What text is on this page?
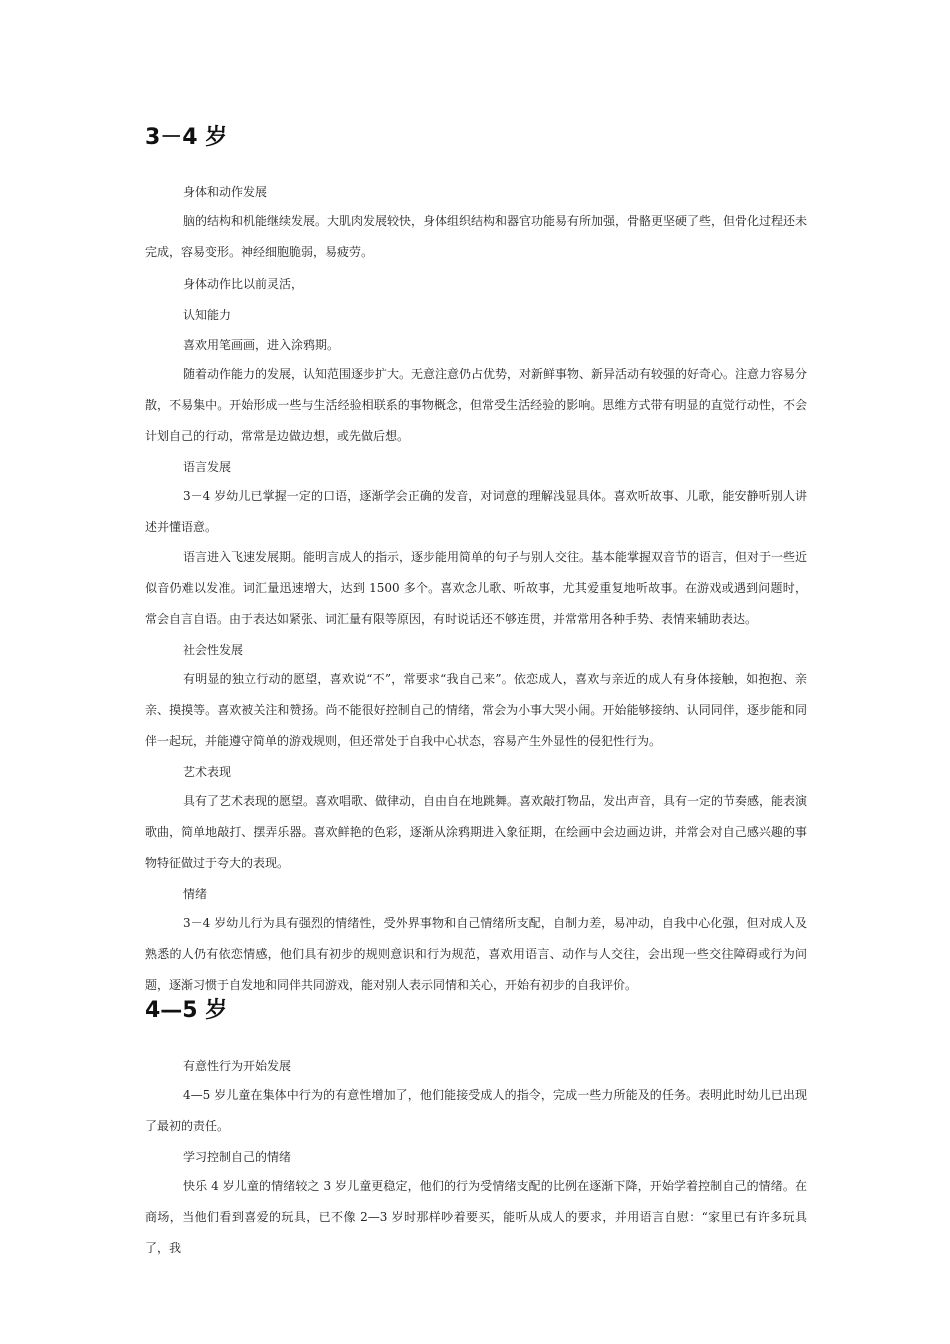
3－4 岁

身体和动作发展

脑的结构和机能继续发展。大肌肉发展较快，身体组织结构和器官功能易有所加强，骨骼更坚硬了些，但骨化过程还未完成，容易变形。神经细胞脆弱，易疲劳。

身体动作比以前灵活，

认知能力

喜欢用笔画画，进入涂鸦期。

随着动作能力的发展，认知范围逐步扩大。无意注意仍占优势，对新鲜事物、新异活动有较强的好奇心。注意力容易分散，不易集中。开始形成一些与生活经验相联系的事物概念，但常受生活经验的影响。思维方式带有明显的直觉行动性，不会计划自己的行动，常常是边做边想，或先做后想。

语言发展

3－4 岁幼儿已掌握一定的口语，逐渐学会正确的发音，对词意的理解浅显具体。喜欢听故事、儿歌，能安静听别人讲述并懂语意。

语言进入飞速发展期。能明言成人的指示，逐步能用简单的句子与别人交往。基本能掌握双音节的语言，但对于一些近似音仍难以发准。词汇量迅速增大，达到 1500 多个。喜欢念儿歌、听故事，尤其爱重复地听故事。在游戏或遇到问题时，常会自言自语。由于表达如紧张、词汇量有限等原因，有时说话还不够连贯，并常常用各种手势、表情来辅助表达。

社会性发展

有明显的独立行动的愿望，喜欢说“不”，常要求“我自己来”。依恋成人，喜欢与亲近的成人有身体接触，如抱抱、亲亲、摸摸等。喜欢被关注和赞扬。尚不能很好控制自己的情绪，常会为小事大哭小闹。开始能够接纳、认同同伴，逐步能和同伴一起玩，并能遵守简单的游戏规则，但还常处于自我中心状态，容易产生外显性的侵犯性行为。

艺术表现

具有了艺术表现的愿望。喜欢唱歌、做律动，自由自在地跳舞。喜欢敲打物品，发出声音，具有一定的节奏感，能表演歌曲，简单地敲打、摆弄乐器。喜欢鲜艳的色彩，逐渐从涂鸦期进入象征期，在绘画中会边画边讲，并常会对自己感兴趣的事物特征做过于夸大的表现。

情绪

3－4 岁幼儿行为具有强烈的情绪性，受外界事物和自己情绪所支配，自制力差，易冲动，自我中心化强，但对成人及熟悉的人仍有依恋情感，他们具有初步的规则意识和行为规范，喜欢用语言、动作与人交往，会出现一些交往障碍或行为问题，逐渐习惯于自发地和同伴共同游戏，能对别人表示同情和关心，开始有初步的自我评价。

4—5 岁

有意性行为开始发展

4—5 岁儿童在集体中行为的有意性增加了，他们能接受成人的指令，完成一些力所能及的任务。表明此时幼儿已出现了最初的责任。

学习控制自己的情绪

快乐 4 岁儿童的情绪较之 3 岁儿童更稳定，他们的行为受情绪支配的比例在逐渐下降，开始学着控制自己的情绪。在商场，当他们看到喜爱的玩具，已不像 2—3 岁时那样吵着要买，能听从成人的要求，并用语言自慰：“家里已有许多玩具了，我
